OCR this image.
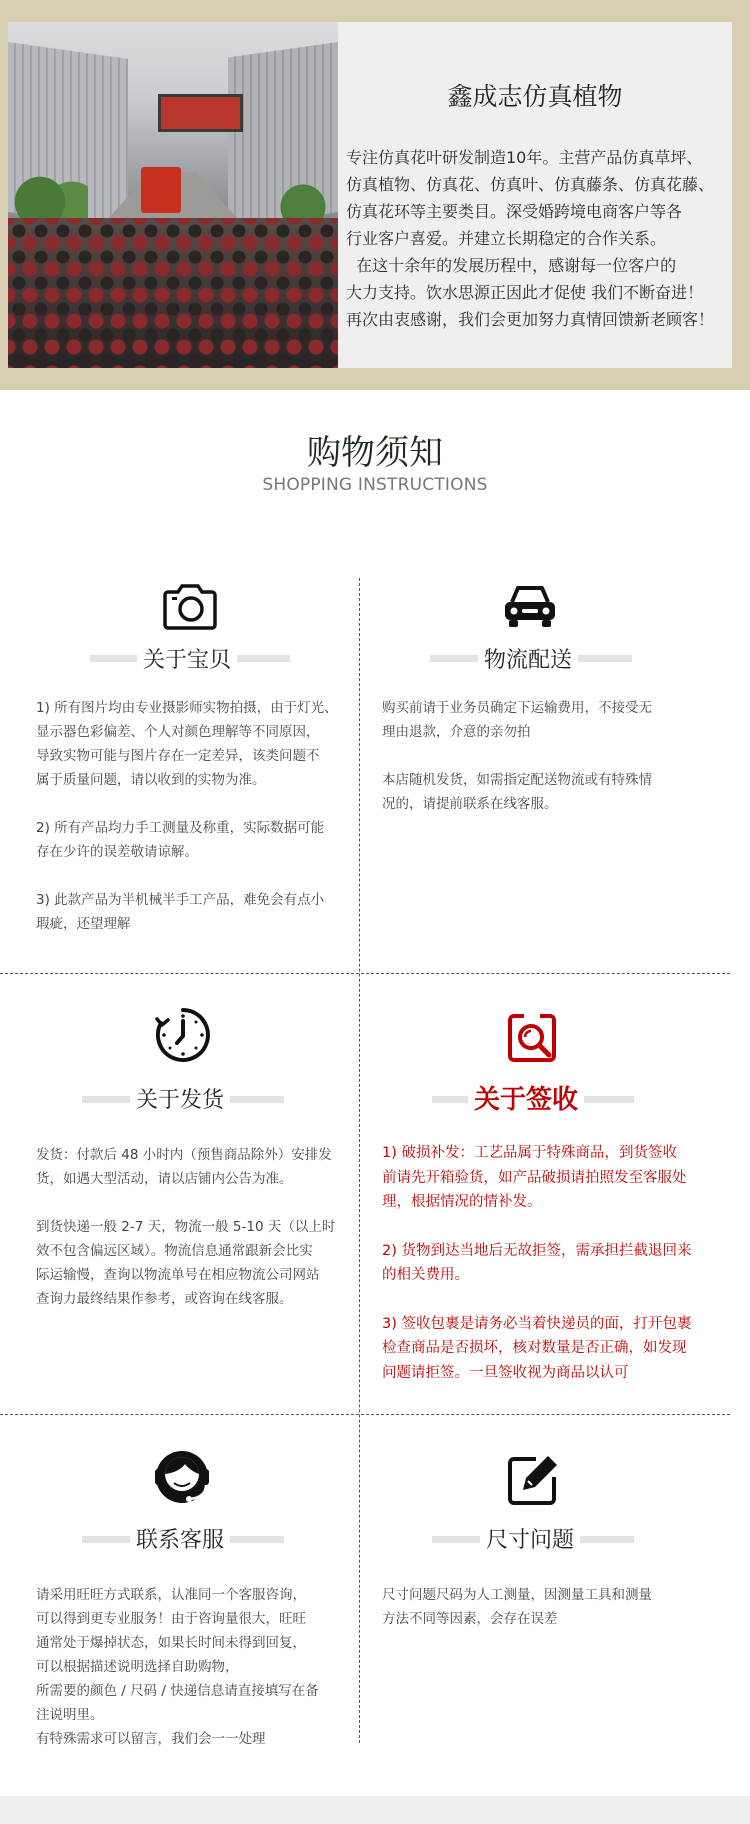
鑫成志仿真植物

专注仿真花叶研发制造10年。主营产品仿真草坪、

仿真植物、仿真花、仿真叶、仿真藤条、仿真花藤、

仿真花环等主要类目。深受婚跨境电商客户等各

行业客户喜爱。并建立长期稳定的合作关系。

在这十余年的发展历程中，感谢每一位客户的

大力支持。饮水思源正因此才促使 我们不断奋进！

再次由衷感谢，我们会更加努力真情回馈新老顾客！

购物须知
SHOPPING INSTRUCTIONS
关于宝贝

1) 所有图片均由专业摄影师实物拍摄，由于灯光、

显示器色彩偏差、个人对颜色理解等不同原因，

导致实物可能与图片存在一定差异，该类问题不

属于质量问题，请以收到的实物为准。

2) 所有产品均力手工测量及称重，实际数据可能

存在少许的误差敬请谅解。

3) 此款产品为半机械半手工产品，难免会有点小

瑕疵，还望理解

物流配送

购买前请于业务员确定下运输费用，不接受无

理由退款，介意的亲勿拍

本店随机发货，如需指定配送物流或有特殊情

况的，请提前联系在线客服。

关于发货

发货：付款后 48 小时内（预售商品除外）安排发

货，如遇大型活动，请以店铺内公告为准。

到货快递一般 2-7 天，物流一般 5-10 天（以上时

效不包含偏远区域）。物流信息通常跟新会比实

际运输慢，查询以物流单号在相应物流公司网站

查询力最终结果作参考，或咨询在线客服。

关于签收

1) 破损补发：工艺品属于特殊商品，到货签收

前请先开箱验货，如产品破损请拍照发至客服处

理，根据情况的情补发。

2) 货物到达当地后无故拒签，需承担拦截退回来

的相关费用。

3) 签收包裹是请务必当着快递员的面，打开包裹

检查商品是否损坏，核对数量是否正确，如发现

问题请拒签。一旦签收视为商品以认可

联系客服

请采用旺旺方式联系，认准同一个客服咨询，

可以得到更专业服务！由于咨询量很大，旺旺

通常处于爆掉状态，如果长时间未得到回复，

可以根据描述说明选择自助购物，

所需要的颜色 / 尺码 / 快递信息请直接填写在备

注说明里。

有特殊需求可以留言，我们会一一处理

尺寸问题

尺寸问题尺码为人工测量，因测量工具和测量

方法不同等因素，会存在误差
